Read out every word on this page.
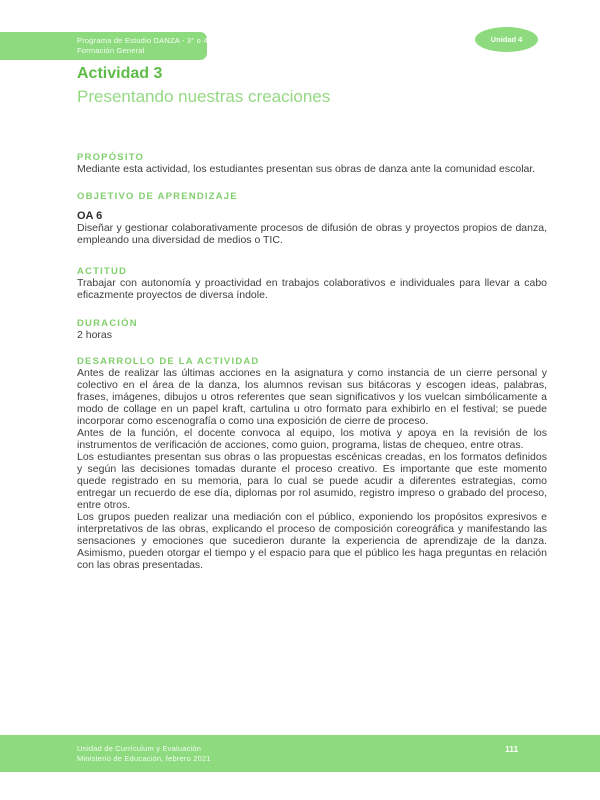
Programa de Estudio DANZA - 3° o 4° medio
Formación General
Unidad 4
Actividad 3
Presentando nuestras creaciones
PROPÓSITO

Mediante esta actividad, los estudiantes presentan sus obras de danza ante la comunidad escolar.

OBJETIVO DE APRENDIZAJE
OA 6

Diseñar y gestionar colaborativamente procesos de difusión de obras y proyectos propios de danza, empleando una diversidad de medios o TIC.

ACTITUD

Trabajar con autonomía y proactividad en trabajos colaborativos e individuales para llevar a cabo eficazmente proyectos de diversa índole.

DURACIÓN

2 horas

DESARROLLO DE LA ACTIVIDAD

Antes de realizar las últimas acciones en la asignatura y como instancia de un cierre personal y colectivo en el área de la danza, los alumnos revisan sus bitácoras y escogen ideas, palabras, frases, imágenes, dibujos u otros referentes que sean significativos y los vuelcan simbólicamente a modo de collage en un papel kraft, cartulina u otro formato para exhibirlo en el festival; se puede incorporar como escenografía o como una exposición de cierre de proceso.

Antes de la función, el docente convoca al equipo, los motiva y apoya en la revisión de los instrumentos de verificación de acciones, como guion, programa, listas de chequeo, entre otras.

Los estudiantes presentan sus obras o las propuestas escénicas creadas, en los formatos definidos y según las decisiones tomadas durante el proceso creativo. Es importante que este momento quede registrado en su memoria, para lo cual se puede acudir a diferentes estrategias, como entregar un recuerdo de ese día, diplomas por rol asumido, registro impreso o grabado del proceso, entre otros.

Los grupos pueden realizar una mediación con el público, exponiendo los propósitos expresivos e interpretativos de las obras, explicando el proceso de composición coreográfica y manifestando las sensaciones y emociones que sucedieron durante la experiencia de aprendizaje de la danza. Asimismo, pueden otorgar el tiempo y el espacio para que el público les haga preguntas en relación con las obras presentadas.

Unidad de Currículum y Evaluación
Ministerio de Educación, febrero 2021
111
